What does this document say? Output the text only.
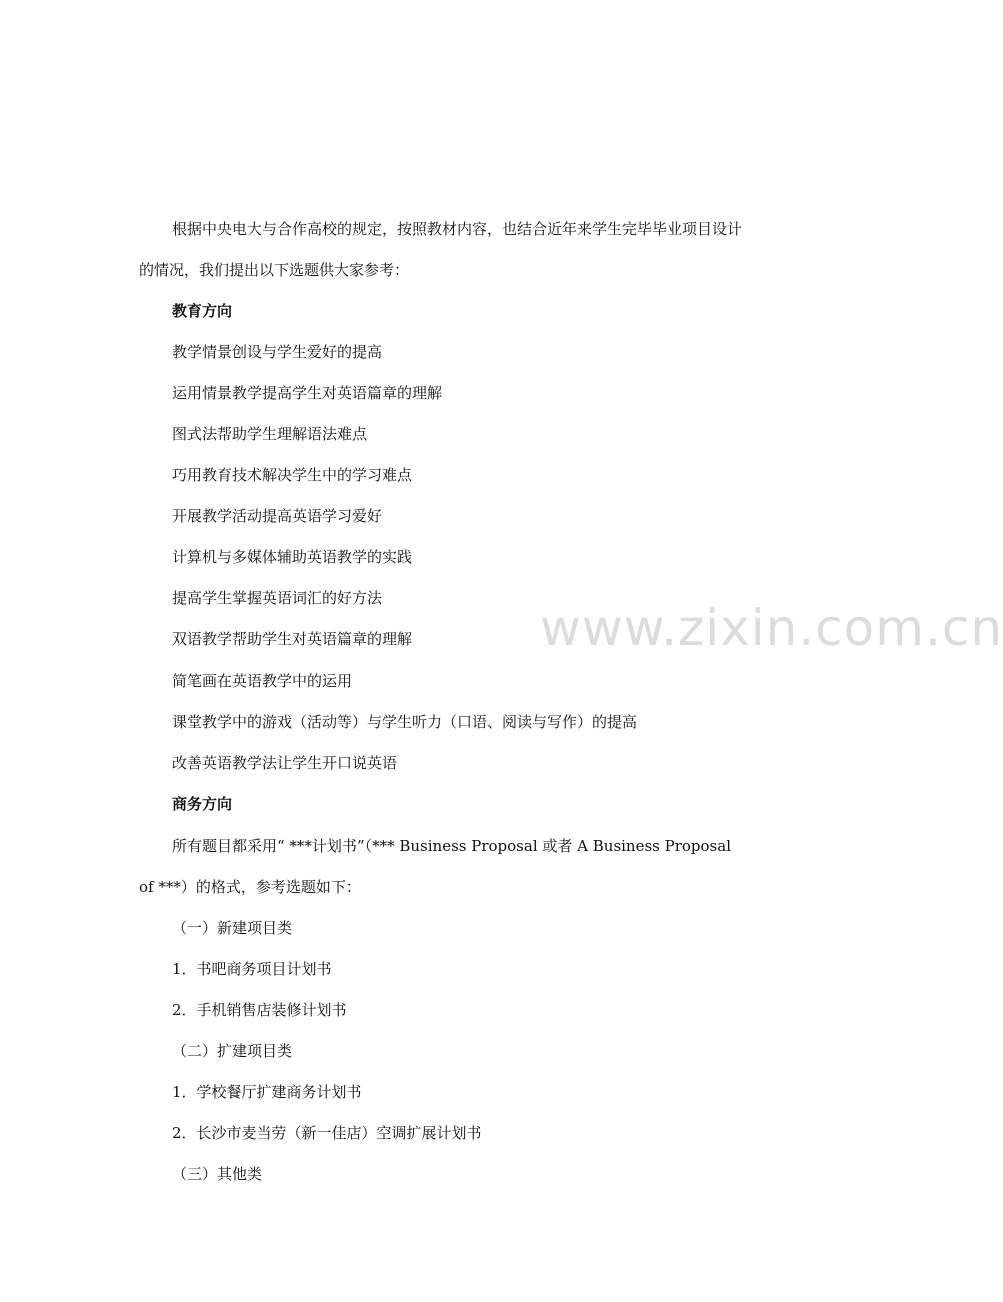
www.zixin.com.cn
根据中央电大与合作高校的规定，按照教材内容，也结合近年来学生完毕毕业项目设计
的情况，我们提出以下选题供大家参考：
教育方向
教学情景创设与学生爱好的提高
运用情景教学提高学生对英语篇章的理解
图式法帮助学生理解语法难点
巧用教育技术解决学生中的学习难点
开展教学活动提高英语学习爱好
计算机与多媒体辅助英语教学的实践
提高学生掌握英语词汇的好方法
双语教学帮助学生对英语篇章的理解
简笔画在英语教学中的运用
课堂教学中的游戏（活动等）与学生听力（口语、阅读与写作）的提高
改善英语教学法让学生开口说英语
商务方向
所有题目都采用“ ***计划书”（*** Business Proposal 或者 A Business Proposal
of ***）的格式，参考选题如下：
（一）新建项目类
1．书吧商务项目计划书
2．手机销售店装修计划书
（二）扩建项目类
1．学校餐厅扩建商务计划书
2．长沙市麦当劳（新一佳店）空调扩展计划书
（三）其他类
